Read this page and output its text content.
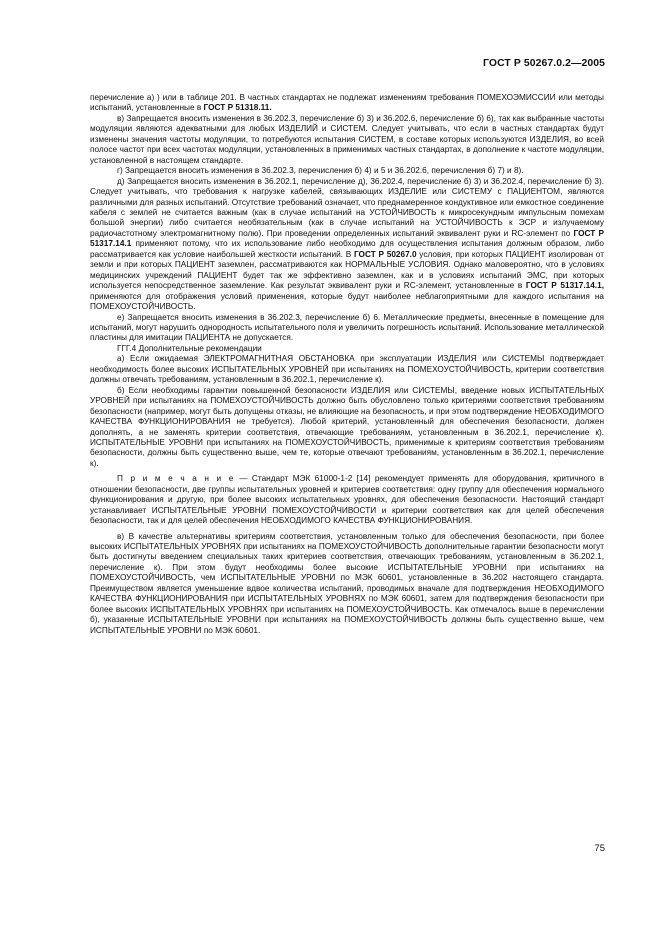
ГОСТ Р 50267.0.2—2005

перечисление а) ) или в таблице 201. В частных стандартах не подлежат изменениям требования ПОМЕХОЭМИССИИ или методы испытаний, установленные в ГОСТ Р 51318.11.

в) Запрещается вносить изменения в 36.202.3, перечисление б) 3) и 36.202.6, перечисление б) 6), так как выбранные частоты модуляции являются адекватными для любых ИЗДЕЛИЙ и СИСТЕМ. Следует учитывать, что если в частных стандартах будут изменены значения частоты модуляции, то потребуются испытания СИСТЕМ, в составе которых используются ИЗДЕЛИЯ, во всей полосе частот при всех частотах модуляции, установленных в применимых частных стандартах, в дополнение к частоте модуляции, установленной в настоящем стандарте.

г) Запрещается вносить изменения в 36.202.3, перечисления б) 4) и 5 и 36.202.6, перечисления б) 7) и 8).

д) Запрещается вносить изменения в 36.202.1, перечисление д), 36.202.4, перечисление б) 3) и 36.202.4, перечисление б) 3). Следует учитывать, что требования к нагрузке кабелей, связывающих ИЗДЕЛИЕ или СИСТЕМУ с ПАЦИЕНТОМ, являются различными для разных испытаний. Отсутствие требований означает, что преднамеренное кондуктивное или емкостное соединение кабеля с землей не считается важным (как в случае испытаний на УСТОЙЧИВОСТЬ к микросекундным импульсным помехам большой энергии) либо считается необязательным (как в случае испытаний на УСТОЙЧИВОСТЬ к ЭСР и излучаемому радиочастотному электромагнитному полю). При проведении определенных испытаний эквивалент руки и RC-элемент по ГОСТ Р 51317.14.1 применяют потому, что их использование либо необходимо для осуществления испытания должным образом, либо рассматривается как условие наибольшей жесткости испытаний. В ГОСТ Р 50267.0 условия, при которых ПАЦИЕНТ изолирован от земли и при которых ПАЦИЕНТ заземлен, рассматриваются как НОРМАЛЬНЫЕ УСЛОВИЯ. Однако маловероятно, что в условиях медицинских учреждений ПАЦИЕНТ будет так же эффективно заземлен, как и в условиях испытаний ЭМС, при которых используется непосредственное заземление. Как результат эквивалент руки и RC-элемент, установленные в ГОСТ Р 51317.14.1, применяются для отображения условий применения, которые будут наиболее неблагоприятными для каждого испытания на ПОМЕХОУСТОЙЧИВОСТЬ.

е) Запрещается вносить изменения в 36.202.3, перечисление б) 6. Металлические предметы, внесенные в помещение для испытаний, могут нарушить однородность испытательного поля и увеличить погрешность испытаний. Использование металлической пластины для имитации ПАЦИЕНТА не допускается.

ГГГ.4 Дополнительные рекомендации

а) Если ожидаемая ЭЛЕКТРОМАГНИТНАЯ ОБСТАНОВКА при эксплуатации ИЗДЕЛИЯ или СИСТЕМЫ подтверждает необходимость более высоких ИСПЫТАТЕЛЬНЫХ УРОВНЕЙ при испытаниях на ПОМЕХОУСТОЙЧИВОСТЬ, критерии соответствия должны отвечать требованиям, установленным в 36.202.1, перечисление к).

б) Если необходимы гарантии повышенной безопасности ИЗДЕЛИЯ или СИСТЕМЫ, введение новых ИСПЫТАТЕЛЬНЫХ УРОВНЕЙ при испытаниях на ПОМЕХОУСТОЙЧИВОСТЬ должно быть обусловлено только критериями соответствия требованиям безопасности (например, могут быть допущены отказы, не влияющие на безопасность, и при этом подтверждение НЕОБХОДИМОГО КАЧЕСТВА ФУНКЦИОНИРОВАНИЯ не требуется). Любой критерий, установленный для обеспечения безопасности, должен дополнять, а не заменять критерии соответствия, отвечающие требованиям, установленным в 36.202.1, перечисление к). ИСПЫТАТЕЛЬНЫЕ УРОВНИ при испытаниях на ПОМЕХОУСТОЙЧИВОСТЬ, применимые к критериям соответствия требованиям безопасности, должны быть существенно выше, чем те, которые отвечают требованиям, установленным в 36.202.1, перечисление к).

П р и м е ч а н и е — Стандарт МЭК 61000-1-2 [14] рекомендует применять для оборудования, критичного в отношении безопасности, две группы испытательных уровней и критериев соответствия: одну группу для обеспечения нормального функционирования и другую, при более высоких испытательных уровнях, для обеспечения безопасности. Настоящий стандарт устанавливает ИСПЫТАТЕЛЬНЫЕ УРОВНИ ПОМЕХОУСТОЙЧИВОСТИ и критерии соответствия как для целей обеспечения безопасности, так и для целей обеспечения НЕОБХОДИМОГО КАЧЕСТВА ФУНКЦИОНИРОВАНИЯ.

в) В качестве альтернативы критериям соответствия, установленным только для обеспечения безопасности, при более высоких ИСПЫТАТЕЛЬНЫХ УРОВНЯХ при испытаниях на ПОМЕХОУСТОЙЧИВОСТЬ дополнительные гарантии безопасности могут быть достигнуты введением специальных таких критериев соответствия, отвечающих требованиям, установленным в 36.202.1, перечисление к). При этом будут необходимы более высокие ИСПЫТАТЕЛЬНЫЕ УРОВНИ при испытаниях на ПОМЕХОУСТОЙЧИВОСТЬ, чем ИСПЫТАТЕЛЬНЫЕ УРОВНИ по МЭК 60601, установленные в 36.202 настоящего стандарта. Преимуществом является уменьшение вдвое количества испытаний, проводимых вначале для подтверждения НЕОБХОДИМОГО КАЧЕСТВА ФУНКЦИОНИРОВАНИЯ при ИСПЫТАТЕЛЬНЫХ УРОВНЯХ по МЭК 60601, затем для подтверждения безопасности при более высоких ИСПЫТАТЕЛЬНЫХ УРОВНЯХ при испытаниях на ПОМЕХОУСТОЙЧИВОСТЬ. Как отмечалось выше в перечислении б), указанные ИСПЫТАТЕЛЬНЫЕ УРОВНИ при испытаниях на ПОМЕХОУСТОЙЧИВОСТЬ должны быть существенно выше, чем ИСПЫТАТЕЛЬНЫЕ УРОВНИ по МЭК 60601.

75
